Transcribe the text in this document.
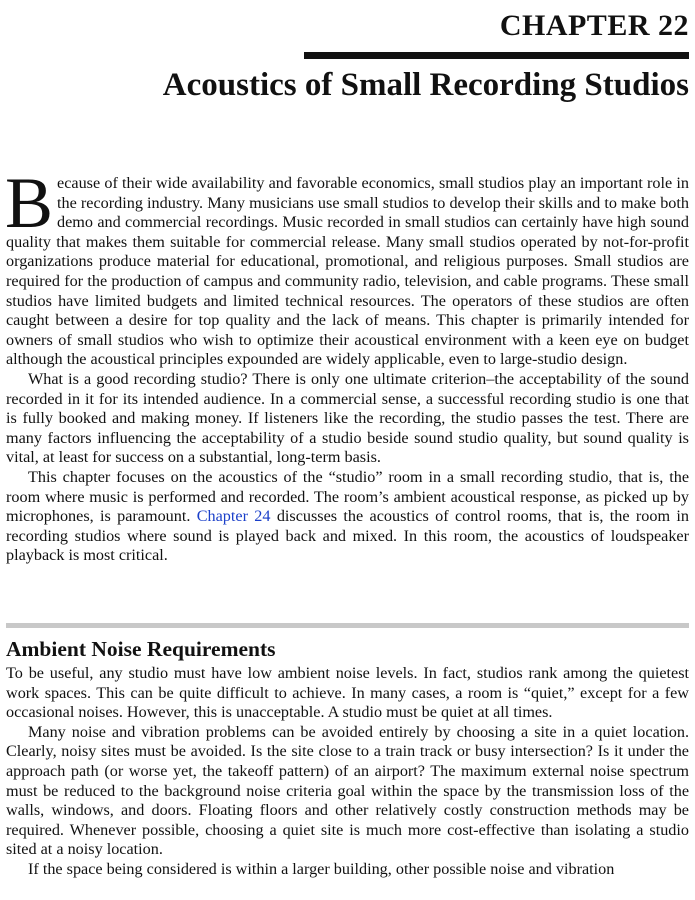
CHAPTER 22
Acoustics of Small Recording Studios

Because of their wide availability and favorable economics, small studios play an important role in the recording industry. Many musicians use small studios to develop their skills and to make both demo and commercial recordings. Music recorded in small studios can certainly have high sound quality that makes them suitable for commercial release. Many small studios operated by not-for-profit organizations produce material for educational, promotional, and religious purposes. Small studios are required for the production of campus and community radio, television, and cable programs. These small studios have limited budgets and limited technical resources. The operators of these studios are often caught between a desire for top quality and the lack of means. This chapter is primarily intended for owners of small studios who wish to optimize their acoustical environment with a keen eye on budget although the acoustical principles expounded are widely applicable, even to large-studio design.

What is a good recording studio? There is only one ultimate criterion–the acceptability of the sound recorded in it for its intended audience. In a commercial sense, a successful recording studio is one that is fully booked and making money. If listeners like the recording, the studio passes the test. There are many factors influencing the acceptability of a studio beside sound studio quality, but sound quality is vital, at least for success on a substantial, long-term basis.

This chapter focuses on the acoustics of the “studio” room in a small recording studio, that is, the room where music is performed and recorded. The room’s ambient acoustical response, as picked up by microphones, is paramount. Chapter 24 discusses the acoustics of control rooms, that is, the room in recording studios where sound is played back and mixed. In this room, the acoustics of loudspeaker playback is most critical.

Ambient Noise Requirements

To be useful, any studio must have low ambient noise levels. In fact, studios rank among the quietest work spaces. This can be quite difficult to achieve. In many cases, a room is “quiet,” except for a few occasional noises. However, this is unacceptable. A studio must be quiet at all times.

Many noise and vibration problems can be avoided entirely by choosing a site in a quiet location. Clearly, noisy sites must be avoided. Is the site close to a train track or busy intersection? Is it under the approach path (or worse yet, the takeoff pattern) of an airport? The maximum external noise spectrum must be reduced to the background noise criteria goal within the space by the transmission loss of the walls, windows, and doors. Floating floors and other relatively costly construction methods may be required. Whenever possible, choosing a quiet site is much more cost-effective than isolating a studio sited at a noisy location.

If the space being considered is within a larger building, other possible noise and vibration
